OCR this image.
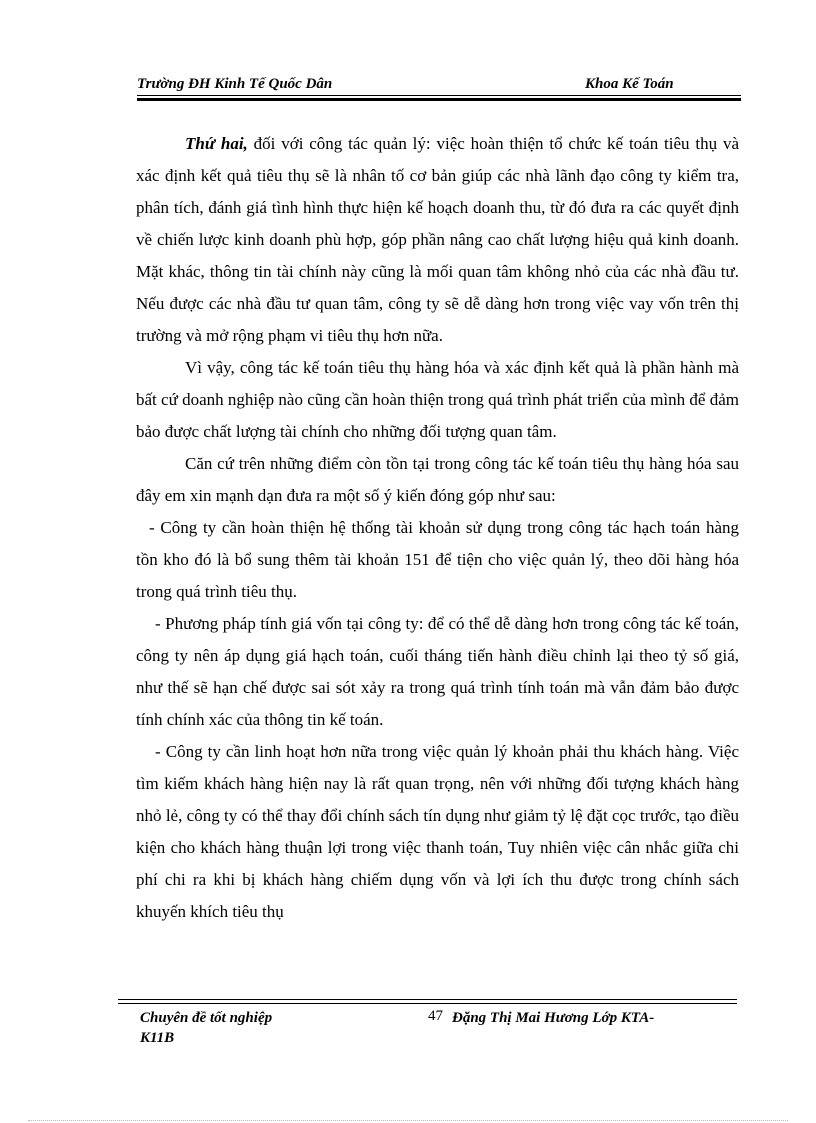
Trường ĐH Kinh Tế Quốc Dân	Khoa Kế Toán

Thứ hai, đối với công tác quản lý: việc hoàn thiện tổ chức kế toán tiêu thụ và xác định kết quả tiêu thụ sẽ là nhân tố cơ bản giúp các nhà lãnh đạo công ty kiểm tra, phân tích, đánh giá tình hình thực hiện kế hoạch doanh thu, từ đó đưa ra các quyết định về chiến lược kinh doanh phù hợp, góp phần nâng cao chất lượng hiệu quả kinh doanh. Mặt khác, thông tin tài chính này cũng là mối quan tâm không nhỏ của các nhà đầu tư. Nếu được các nhà đầu tư quan tâm, công ty sẽ dễ dàng hơn trong việc vay vốn trên thị trường và mở rộng phạm vi tiêu thụ hơn nữa.

Vì vậy, công tác kế toán tiêu thụ hàng hóa và xác định kết quả là phần hành mà bất cứ doanh nghiệp nào cũng cần hoàn thiện trong quá trình phát triển của mình để đảm bảo được chất lượng tài chính cho những đối tượng quan tâm.

Căn cứ trên những điểm còn tồn tại trong công tác kế toán tiêu thụ hàng hóa sau đây em xin mạnh dạn đưa ra một số ý kiến đóng góp như sau:

- Công ty cần hoàn thiện hệ thống tài khoản sử dụng trong công tác hạch toán hàng tồn kho đó là bổ sung thêm tài khoản 151 để tiện cho việc quản lý, theo dõi hàng hóa trong quá trình tiêu thụ.

- Phương pháp tính giá vốn tại công ty: để có thể dễ dàng hơn trong công tác kế toán, công ty nên áp dụng giá hạch toán, cuối tháng tiến hành điều chỉnh lại theo tỷ số giá, như thế sẽ hạn chế được sai sót xảy ra trong quá trình tính toán mà vẫn đảm bảo được tính chính xác của thông tin kế toán.

- Công ty cần linh hoạt hơn nữa trong việc quản lý khoản phải thu khách hàng. Việc tìm kiếm khách hàng hiện nay là rất quan trọng, nên với những đối tượng khách hàng nhỏ lẻ, công ty có thể thay đổi chính sách tín dụng như giảm tỷ lệ đặt cọc trước, tạo điều kiện cho khách hàng thuận lợi trong việc thanh toán, Tuy nhiên việc cân nhắc giữa chi phí chi ra khi bị khách hàng chiếm dụng vốn và lợi ích thu được trong chính sách khuyến khích tiêu thụ

Chuyên đề tốt nghiệp	47 Đặng Thị Mai Hương Lớp KTA-
K11B
